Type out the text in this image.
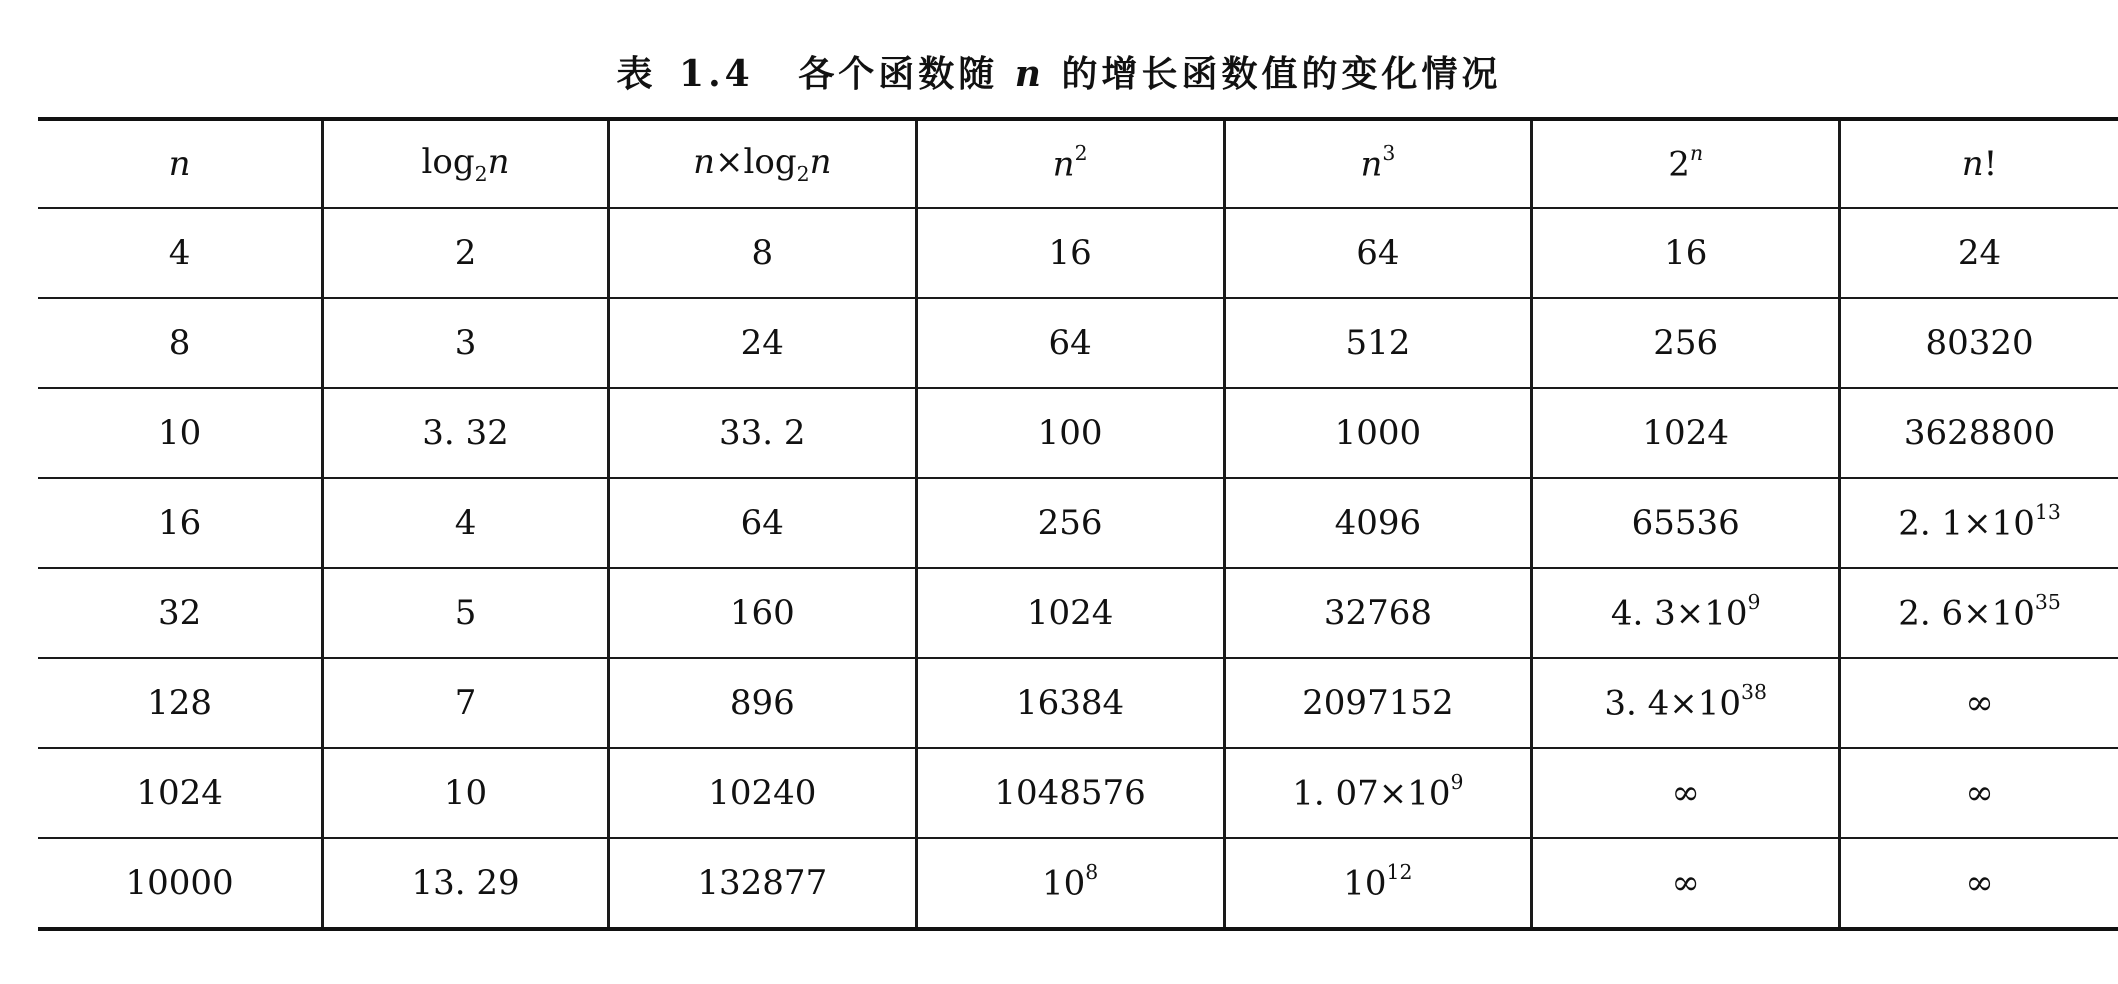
表 1.4 各个函数随 n 的增长函数值的变化情况
n	$\log_2n$	$n\times\log_2n$	$n^2$	$n^3$	2$^n$	n!
4	2	8	16	64	16	24
8	3	24	64	512	256	80320
10	3. 32	33. 2	100	1000	1024	3628800
16	4	64	256	4096	65536	2. $1\times 10^{13}$
32	5	160	1024	32768	4. $3\times 10^9$	2. $6\times 10^{35}$
128	7	896	16384	2097152	3. $4\times 10^{38}$	∞
1024	10	10240	1048576	1. $07\times 10^9$	∞	∞
10000	13. 29	132877	$10^8$	$10^{12}$	∞	∞
